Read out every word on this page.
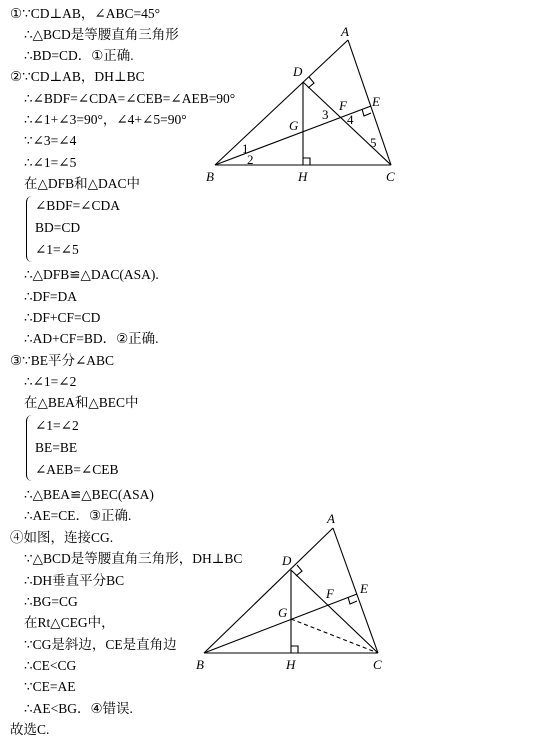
①∵CD⊥AB，∠ABC=45°
∴△BCD是等腰直角三角形
∴BD=CD．①正确.
②∵CD⊥AB，DH⊥BC
∴∠BDF=∠CDA=∠CEB=∠AEB=90°
∴∠1+∠3=90°，∠4+∠5=90°
∵∠3=∠4
∴∠1=∠5
在△DFB和△DAC中
∠BDF=∠CDA
BD=CD
∠1=∠5
∴△DFB≌△DAC(ASA).
∴DF=DA
∴DF+CF=CD
∴AD+CF=BD．②正确.
③∵BE平分∠ABC
∴∠1=∠2
在△BEA和△BEC中
∠1=∠2
BE=BE
∠AEB=∠CEB
∴△BEA≌△BEC(ASA)
∴AE=CE．③正确.
④如图，连接CG.
∵△BCD是等腰直角三角形，DH⊥BC
∴DH垂直平分BC
∴BG=CG
在Rt△CEG中，
∵CG是斜边，CE是直角边
∴CE<CG
∵CE=AE
∴AE<BG．④错误.
故选C.
A
B	C
D
E
F
G
H
1
2
3 4
5
A
B	C
D
E
F
G
H
